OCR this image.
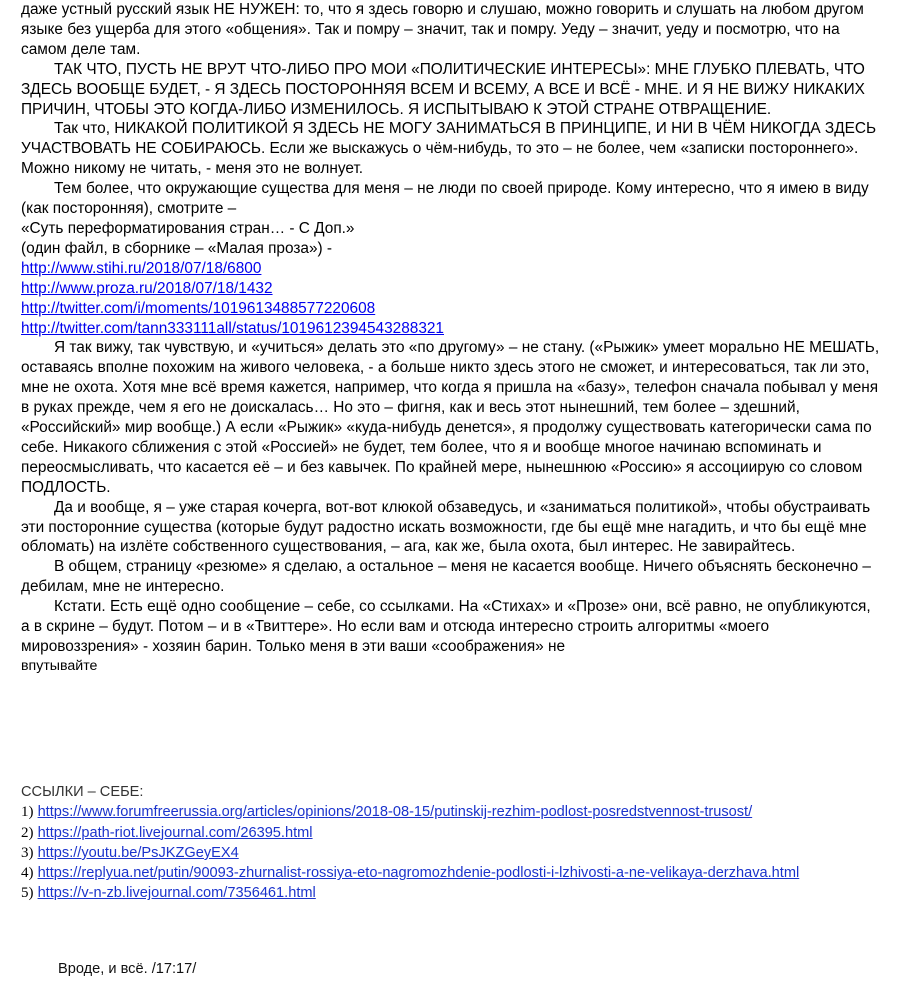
даже устный русский язык НЕ НУЖЕН: то, что я здесь говорю и слушаю, можно говорить и слушать на любом другом языке без ущерба для этого «общения». Так и помру – значит, так и помру. Уеду – значит, уеду и посмотрю, что на самом деле там.

ТАК ЧТО, ПУСТЬ НЕ ВРУТ ЧТО-ЛИБО ПРО МОИ «ПОЛИТИЧЕСКИЕ ИНТЕРЕСЫ»: МНЕ ГЛУБКО ПЛЕВАТЬ, ЧТО ЗДЕСЬ ВООБЩЕ БУДЕТ, - Я ЗДЕСЬ ПОСТОРОННЯЯ ВСЕМ И ВСЕМУ, А ВСЕ И ВСЁ - МНЕ. И Я НЕ ВИЖУ НИКАКИХ ПРИЧИН, ЧТОБЫ ЭТО КОГДА-ЛИБО ИЗМЕНИЛОСЬ. Я ИСПЫТЫВАЮ К ЭТОЙ СТРАНЕ ОТВРАЩЕНИЕ.

Так что, НИКАКОЙ ПОЛИТИКОЙ Я ЗДЕСЬ НЕ МОГУ ЗАНИМАТЬСЯ В ПРИНЦИПЕ, И НИ В ЧЁМ НИКОГДА ЗДЕСЬ УЧАСТВОВАТЬ НЕ СОБИРАЮСЬ. Если же выскажусь о чём-нибудь, то это – не более, чем «записки постороннего». Можно никому не читать, - меня это не волнует.

Тем более, что окружающие существа для меня – не люди по своей природе. Кому интересно, что я имею в виду (как посторонняя), смотрите –

«Суть переформатирования стран… - С Доп.»

(один файл, в сборнике – «Малая проза») -

http://www.stihi.ru/2018/07/18/6800
http://www.proza.ru/2018/07/18/1432
http://twitter.com/i/moments/1019613488577220608
http://twitter.com/tann333111all/status/1019612394543288321

Я так вижу, так чувствую, и «учиться» делать это «по другому» – не стану. («Рыжик» умеет морально НЕ МЕШАТЬ, оставаясь вполне похожим на живого человека, - а больше никто здесь этого не сможет, и интересоваться, так ли это, мне не охота. Хотя мне всё время кажется, например, что когда я пришла на «базу», телефон сначала побывал у меня в руках прежде, чем я его не доискалась… Но это – фигня, как и весь этот нынешний, тем более – здешний, «Российский» мир вообще.) А если «Рыжик» «куда-нибудь денется», я продолжу существовать категорически сама по себе. Никакого сближения с этой «Россией» не будет, тем более, что я и вообще многое начинаю вспоминать и переосмысливать, что касается её – и без кавычек. По крайней мере, нынешнюю «Россию» я ассоциирую со словом ПОДЛОСТЬ.

Да и вообще, я – уже старая кочерга, вот-вот клюкой обзаведусь, и «заниматься политикой», чтобы обустраивать эти посторонние существа (которые будут радостно искать возможности, где бы ещё мне нагадить, и что бы ещё мне обломать) на излёте собственного существования, – ага, как же, была охота, был интерес. Не завирайтесь.

В общем, страницу «резюме» я сделаю, а остальное – меня не касается вообще. Ничего объяснять бесконечно – дебилам, мне не интересно.

Кстати. Есть ещё одно сообщение – себе, со ссылками. На «Стихах» и «Прозе» они, всё равно, не опубликуются, а в скрине – будут. Потом – и в «Твиттере». Но если вам и отсюда интересно строить алгоритмы «моего мировоззрения» - хозяин барин. Только меня в эти ваши «соображения» не

впутывайте

ССЫЛКИ – СЕБЕ:
1) https://www.forumfreerussia.org/articles/opinions/2018-08-15/putinskij-rezhim-podlost-posredstvennost-trusost/
2) https://path-riot.livejournal.com/26395.html
3) https://youtu.be/PsJKZGeyEX4
4) https://replyua.net/putin/90093-zhurnalist-rossiya-eto-nagromozhdenie-podlosti-i-lzhivosti-a-ne-velikaya-derzhava.html
5) https://v-n-zb.livejournal.com/7356461.html
Вроде, и всё. /17:17/
